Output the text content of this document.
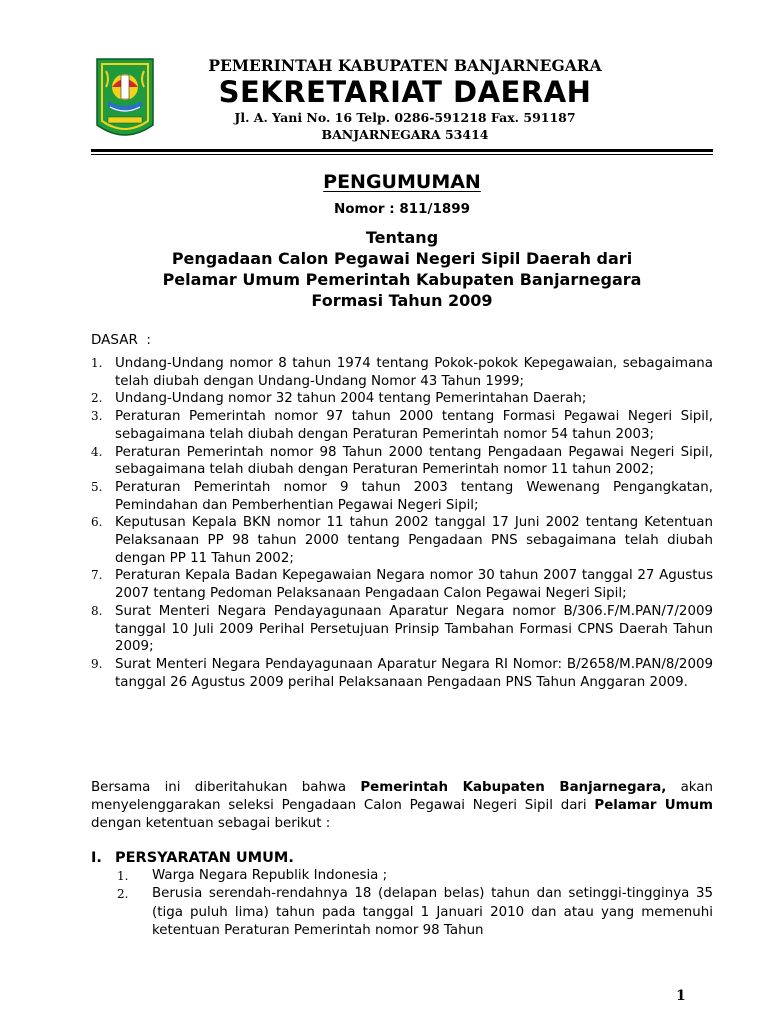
PEMERINTAH KABUPATEN BANJARNEGARA
SEKRETARIAT DAERAH
Jl. A. Yani No. 16 Telp. 0286-591218 Fax. 591187
BANJARNEGARA 53414
PENGUMUMAN
Nomor : 811/1899
Tentang
Pengadaan Calon Pegawai Negeri Sipil Daerah dari
Pelamar Umum Pemerintah Kabupaten Banjarnegara
Formasi Tahun 2009
DASAR  :
1. Undang-Undang nomor 8 tahun 1974 tentang Pokok-pokok Kepegawaian, sebagaimana telah diubah dengan Undang-Undang Nomor 43 Tahun 1999;
2. Undang-Undang nomor 32 tahun 2004 tentang Pemerintahan Daerah;
3. Peraturan Pemerintah nomor 97 tahun 2000 tentang Formasi Pegawai Negeri Sipil, sebagaimana telah diubah dengan Peraturan Pemerintah nomor 54 tahun 2003;
4. Peraturan Pemerintah nomor 98 Tahun 2000 tentang Pengadaan Pegawai Negeri Sipil, sebagaimana telah diubah dengan Peraturan Pemerintah nomor 11 tahun 2002;
5. Peraturan Pemerintah nomor 9 tahun 2003 tentang Wewenang Pengangkatan, Pemindahan dan Pemberhentian Pegawai Negeri Sipil;
6. Keputusan Kepala BKN nomor 11 tahun 2002 tanggal 17 Juni 2002 tentang Ketentuan Pelaksanaan PP 98 tahun 2000 tentang Pengadaan PNS sebagaimana telah diubah dengan PP 11 Tahun 2002;
7. Peraturan Kepala Badan Kepegawaian Negara nomor 30 tahun 2007 tanggal 27 Agustus 2007 tentang Pedoman Pelaksanaan Pengadaan Calon Pegawai Negeri Sipil;
8. Surat Menteri Negara Pendayagunaan Aparatur Negara nomor B/306.F/M.PAN/7/2009 tanggal 10 Juli 2009 Perihal Persetujuan Prinsip Tambahan Formasi CPNS Daerah Tahun 2009;
9. Surat Menteri Negara Pendayagunaan Aparatur Negara RI Nomor: B/2658/M.PAN/8/2009 tanggal 26 Agustus 2009 perihal Pelaksanaan Pengadaan PNS Tahun Anggaran 2009.

Bersama ini diberitahukan bahwa Pemerintah Kabupaten Banjarnegara, akan menyelenggarakan seleksi Pengadaan Calon Pegawai Negeri Sipil dari Pelamar Umum dengan ketentuan sebagai berikut :

I. PERSYARATAN UMUM.
1. Warga Negara Republik Indonesia ;
2. Berusia serendah-rendahnya 18 (delapan belas) tahun dan setinggi-tingginya 35 (tiga puluh lima) tahun pada tanggal 1 Januari 2010 dan atau yang memenuhi ketentuan Peraturan Pemerintah nomor 98 Tahun
1
